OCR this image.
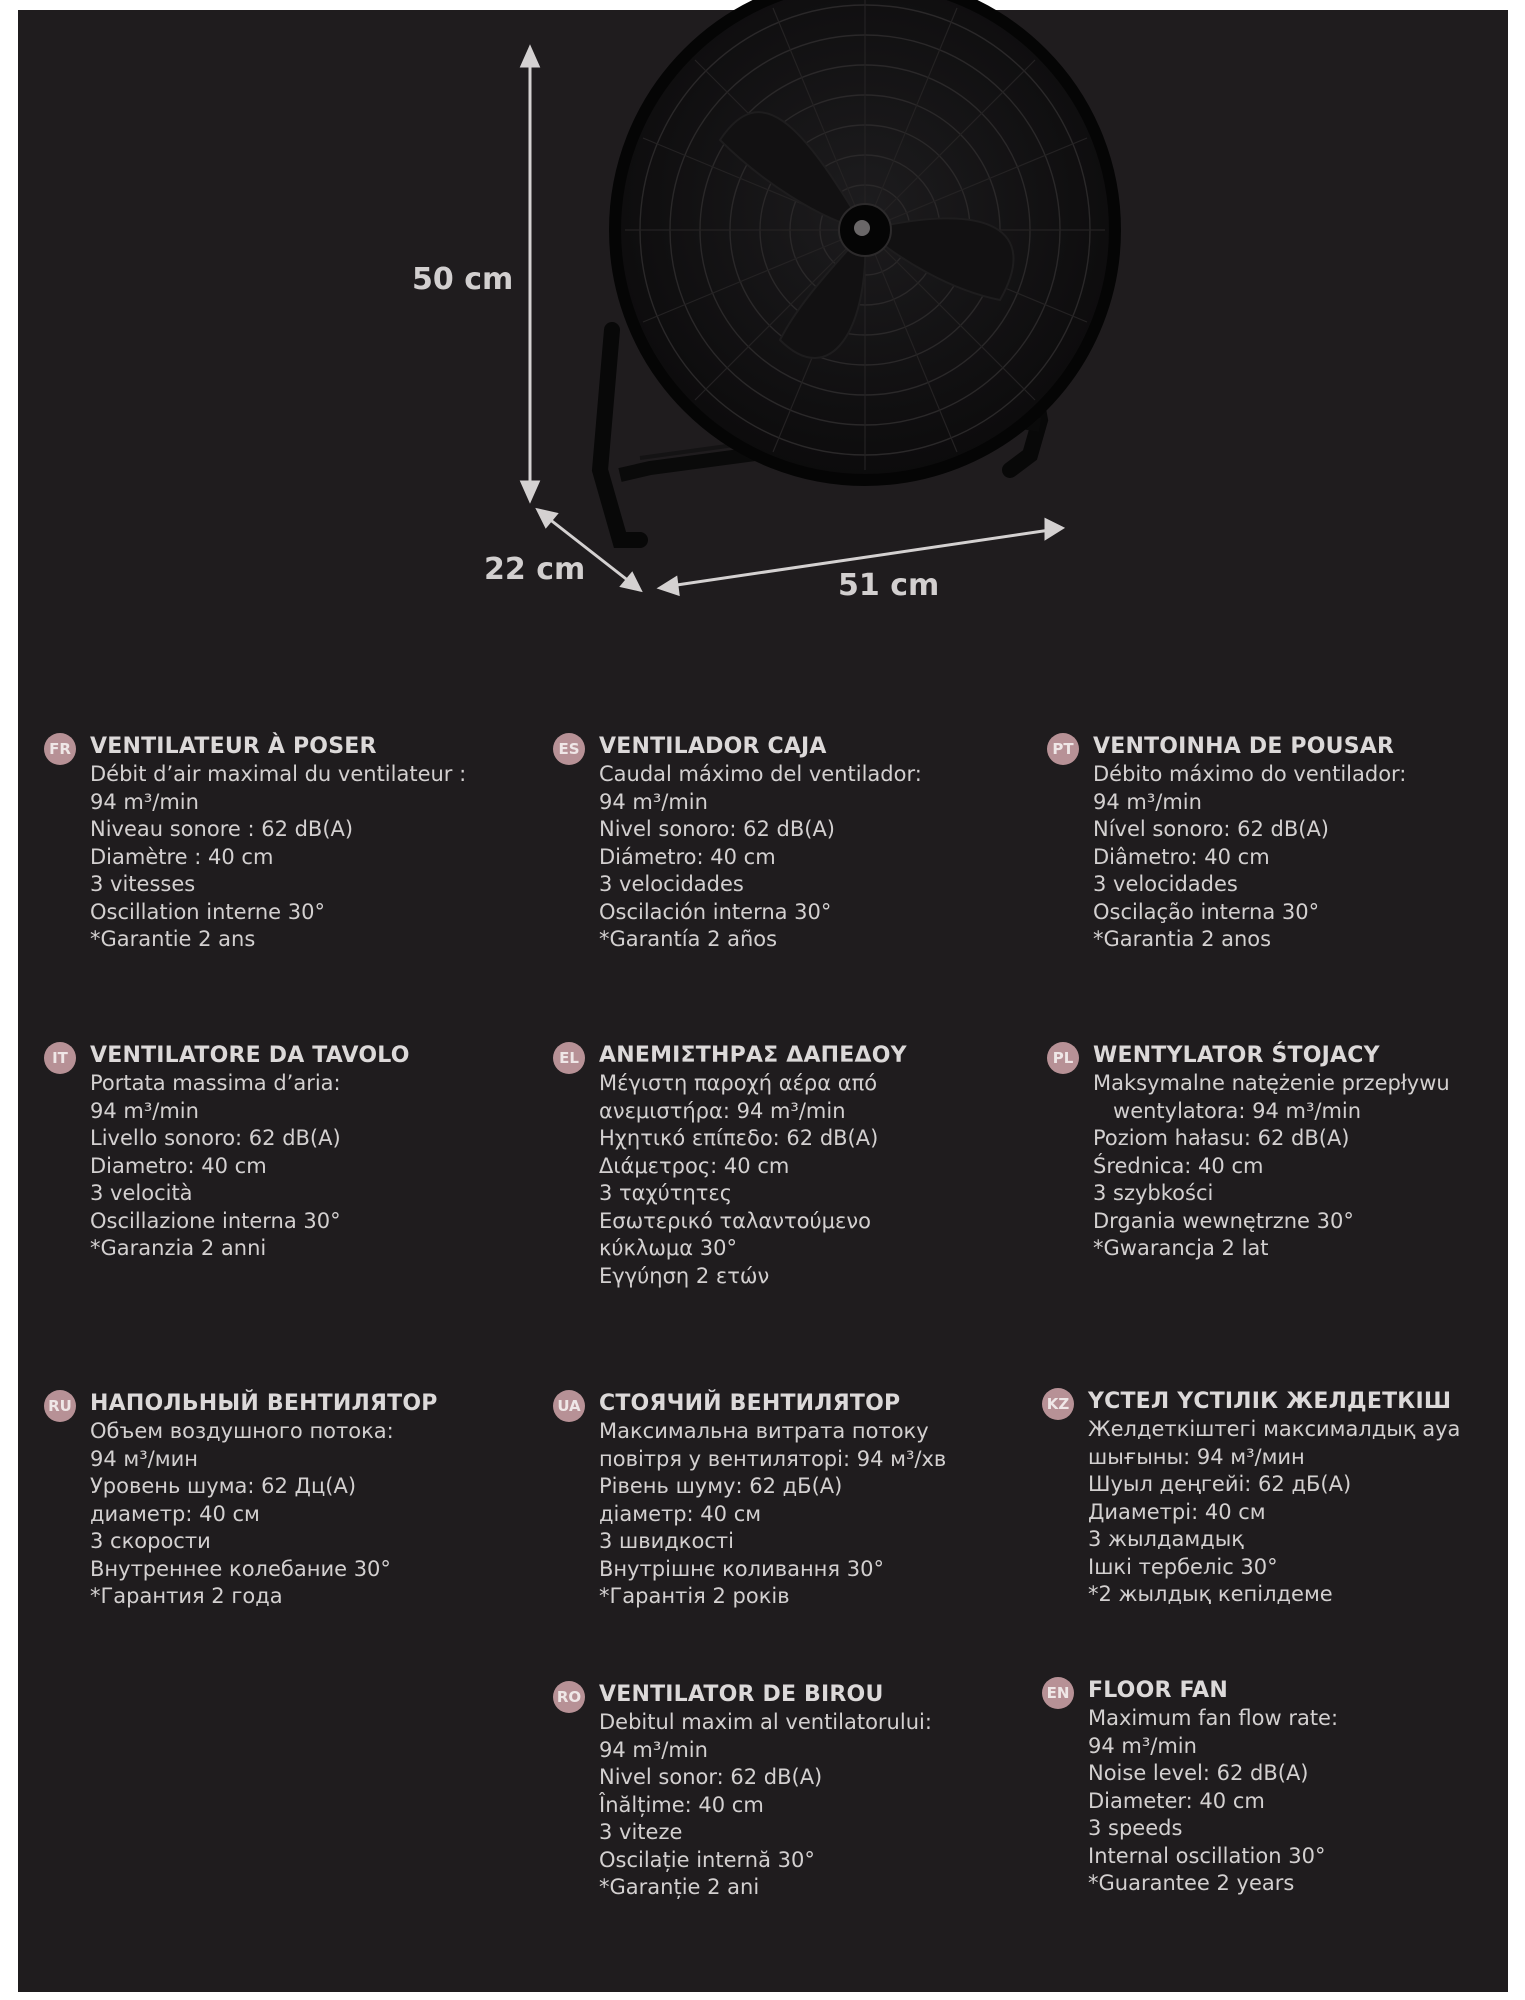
50 cm
22 cm	51 cm
FR VENTILATEUR À POSER
Débit d’air maximal du ventilateur :
94 m³/min
Niveau sonore : 62 dB(A)
Diamètre : 40 cm
3 vitesses
Oscillation interne 30°
*Garantie 2 ans
ES VENTILADOR CAJA
Caudal máximo del ventilador:
94 m³/min
Nivel sonoro: 62 dB(A)
Diámetro: 40 cm
3 velocidades
Oscilación interna 30°
*Garantía 2 años
PT VENTOINHA DE POUSAR
Débito máximo do ventilador:
94 m³/min
Nível sonoro: 62 dB(A)
Diâmetro: 40 cm
3 velocidades
Oscilação interna 30°
*Garantia 2 anos
IT	VENTILATORE DA TAVOLO
Portata massima d’aria:
94 m³/min
Livello sonoro: 62 dB(A)
Diametro: 40 cm
3 velocità
Oscillazione interna 30°
*Garanzia 2 anni
EL ΑΝΕΜΙΣΤΗΡΑΣ ΔΑΠΕΔΟΥ
Μέγιστη παροχή αέρα από
ανεμιστήρα: 94 m³/min
Ηχητικό επίπεδο: 62 dB(A)
Διάμετρος: 40 cm
3 ταχύτητες
Εσωτερικό ταλαντούμενο
κύκλωμα 30°
Εγγύηση 2 ετών
PL WENTYLATOR ŚTOJACY
Maksymalne natężenie przepływu
wentylatora: 94 m³/min
Poziom hałasu: 62 dB(A)
Średnica: 40 cm
3 szybkości
Drgania wewnętrzne 30°
*Gwarancja 2 lat
RU НАПОЛЬНЫЙ ВЕНТИЛЯТОР
Объем воздушного потока:
94 м³/мин
Уровень шума: 62 Дц(А)
диаметр: 40 см
3 скорости
Внутреннее колебание 30°
*Гарантия 2 года
UA СТОЯЧИЙ ВЕНТИЛЯТОР
Максимальна витрата потоку
повітря у вентиляторі: 94 м³/хв
Рівень шуму: 62 дБ(А)
діаметр: 40 см
3 швидкості
Внутрішнє коливання 30°
*Гарантія 2 років
KZ ҮСТЕЛ ҮСТІЛІК ЖЕЛДЕТКІШ
Желдеткіштегі максималдық ауа
шығыны: 94 м³/мин
Шуыл деңгейі: 62 дБ(А)
Диаметрі: 40 см
3 жылдамдық
Ішкі тербеліс 30°
*2 жылдық кепілдеме
RO VENTILATOR DE BIROU
Debitul maxim al ventilatorului:
94 m³/min
Nivel sonor: 62 dB(A)
Înălțime: 40 cm
3 viteze
Oscilație internă 30°
*Garanție 2 ani
EN FLOOR FAN
Maximum fan flow rate:
94 m³/min
Noise level: 62 dB(A)
Diameter: 40 cm
3 speeds
Internal oscillation 30°
*Guarantee 2 years
